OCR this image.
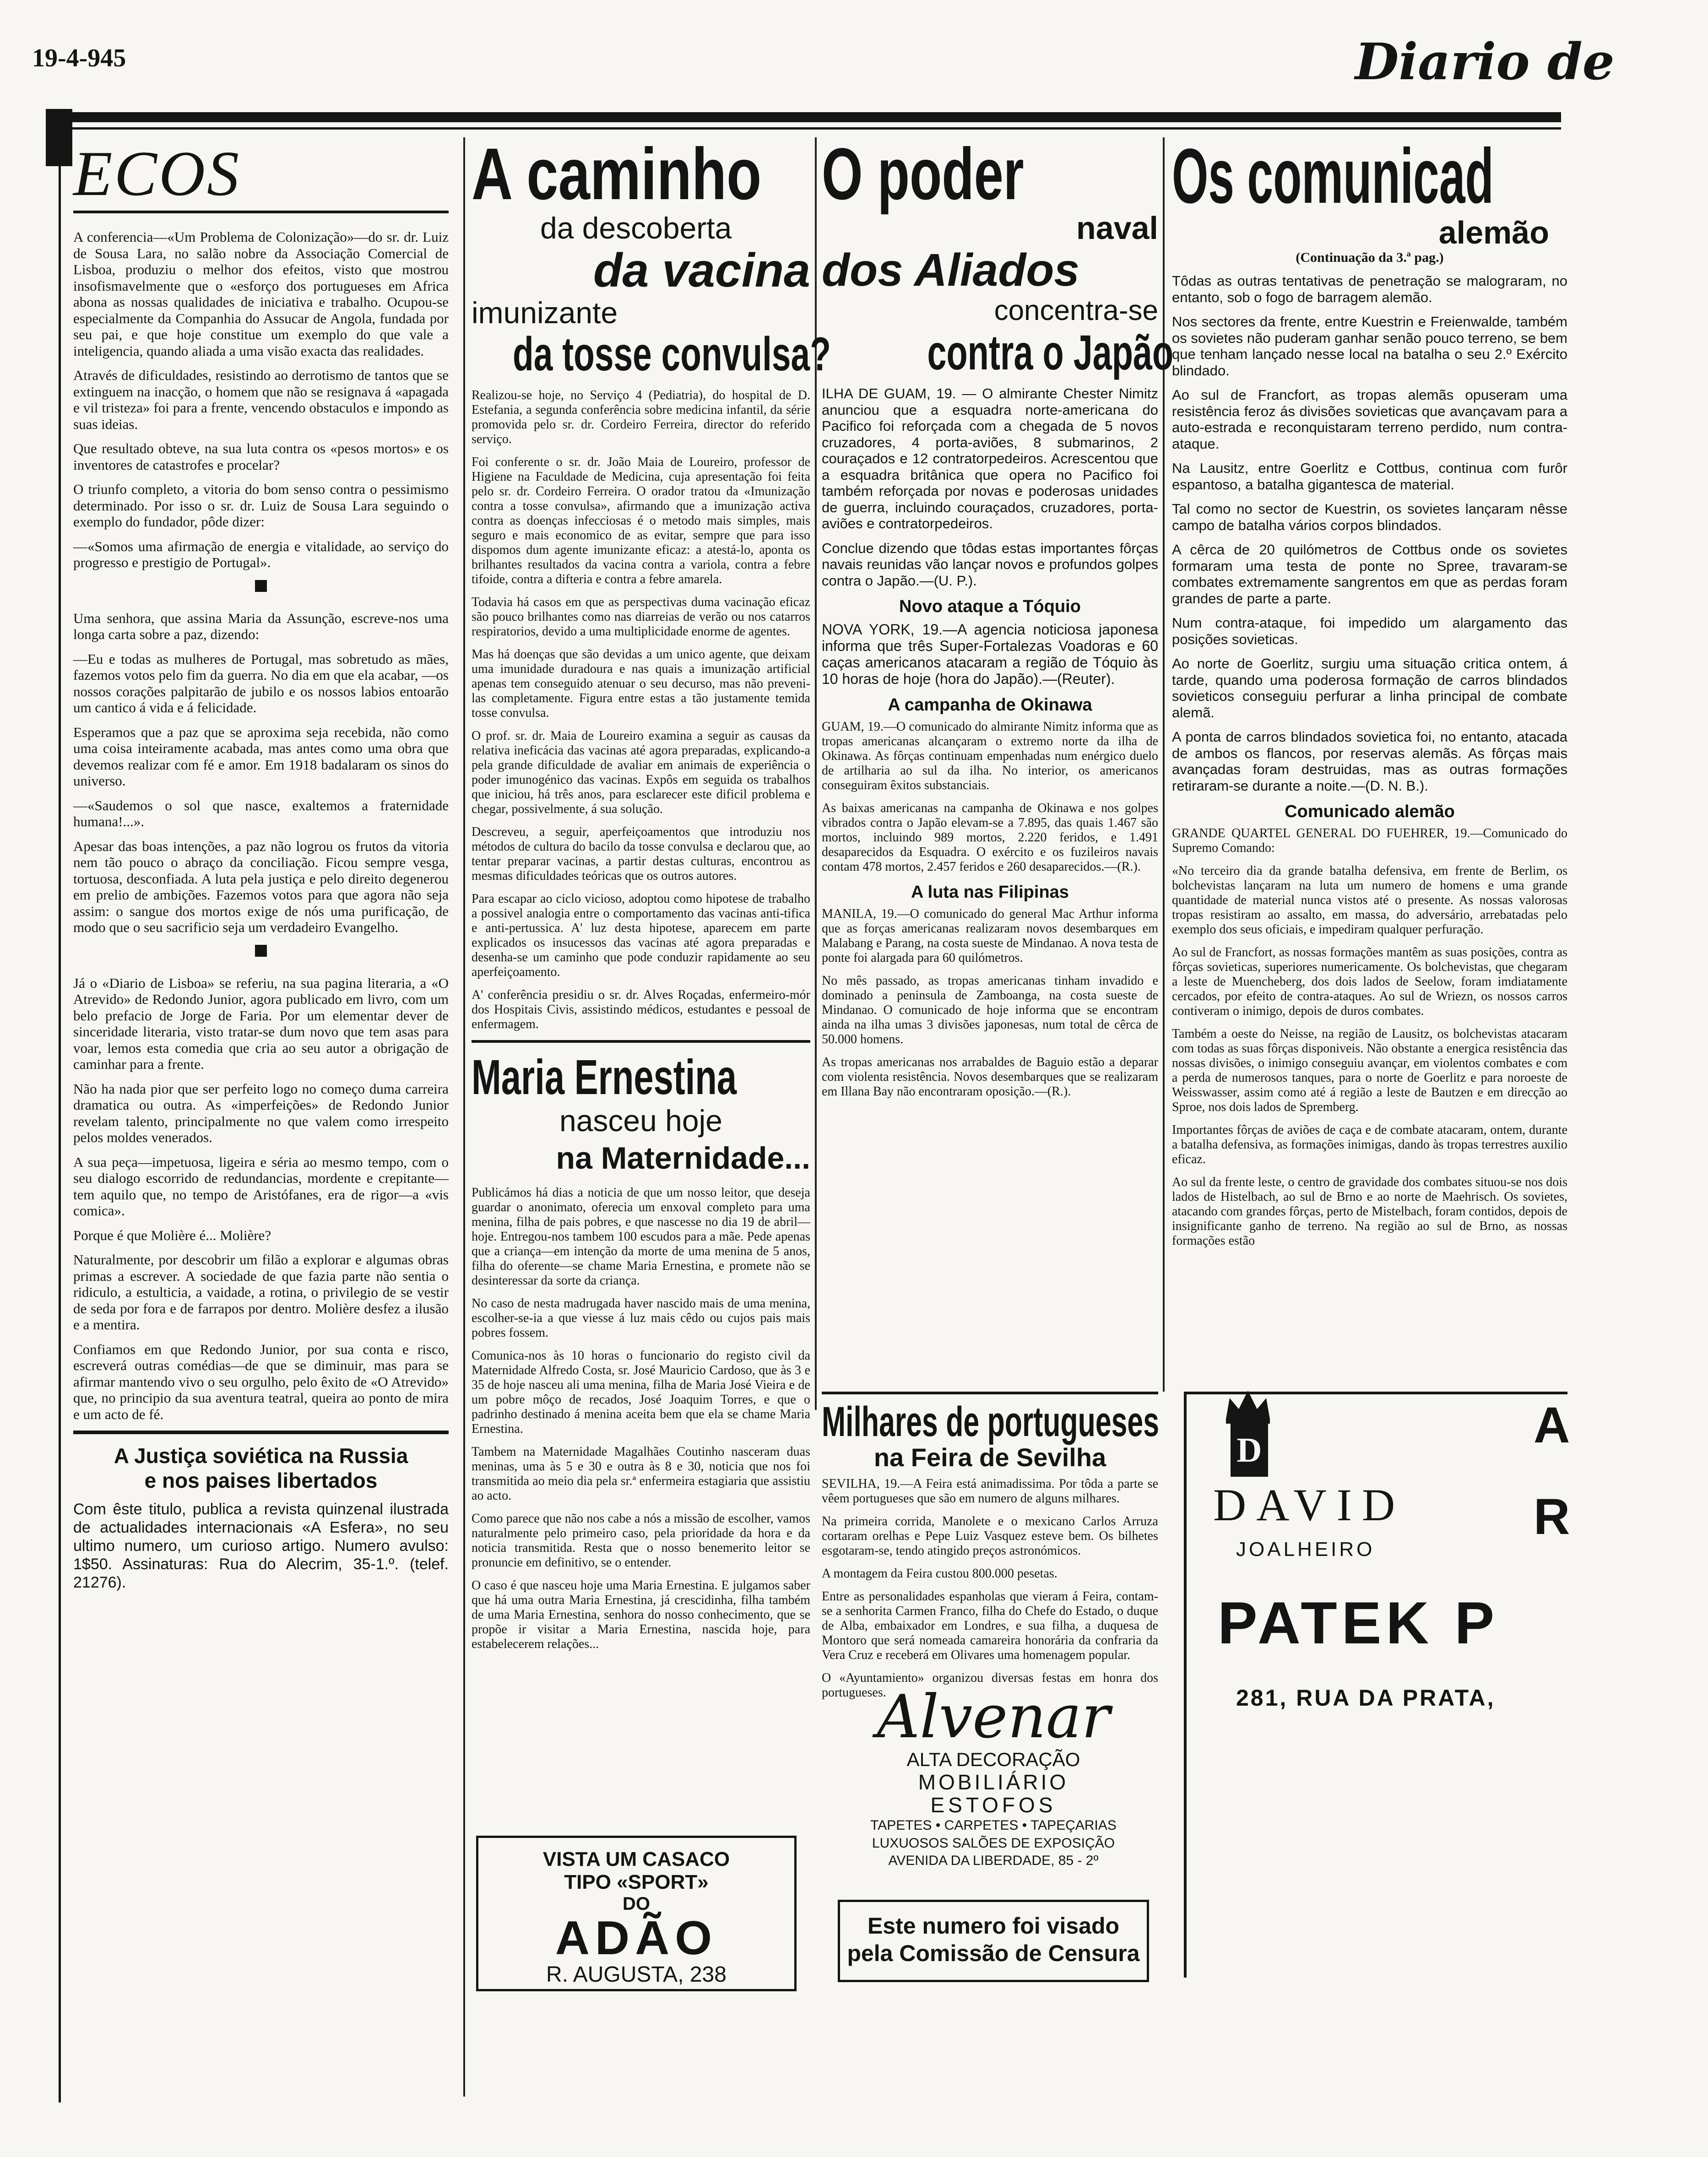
19-4-945	Diario de
ECOS

A conferencia—«Um Problema de Colonização»—do sr. dr. Luiz de Sousa Lara, no salão nobre da Associação Comercial de Lisboa, produziu o melhor dos efeitos, visto que mostrou insofismavelmente que o «esforço dos portugueses em Africa abona as nossas qualidades de iniciativa e trabalho. Ocupou-se especialmente da Companhia do Assucar de Angola, fundada por seu pai, e que hoje constitue um exemplo do que vale a inteligencia, quando aliada a uma visão exacta das realidades.

Através de dificuldades, resistindo ao derrotismo de tantos que se extinguem na inacção, o homem que não se resignava á «apagada e vil tristeza» foi para a frente, vencendo obstaculos e impondo as suas ideias.

Que resultado obteve, na sua luta contra os «pesos mortos» e os inventores de catastrofes e procelar?

O triunfo completo, a vitoria do bom senso contra o pessimismo determinado. Por isso o sr. dr. Luiz de Sousa Lara seguindo o exemplo do fundador, pôde dizer:

—«Somos uma afirmação de energia e vitalidade, ao serviço do progresso e prestigio de Portugal».

Uma senhora, que assina Maria da Assunção, escreve-nos uma longa carta sobre a paz, dizendo:

—Eu e todas as mulheres de Portugal, mas sobretudo as mães, fazemos votos pelo fim da guerra. No dia em que ela acabar, —os nossos corações palpitarão de jubilo e os nossos labios entoarão um cantico á vida e á felicidade.

Esperamos que a paz que se aproxima seja recebida, não como uma coisa inteiramente acabada, mas antes como uma obra que devemos realizar com fé e amor. Em 1918 badalaram os sinos do universo.

—«Saudemos o sol que nasce, exaltemos a fraternidade humana!...».

Apesar das boas intenções, a paz não logrou os frutos da vitoria nem tão pouco o abraço da conciliação. Ficou sempre vesga, tortuosa, desconfiada. A luta pela justiça e pelo direito degenerou em prelio de ambições. Fazemos votos para que agora não seja assim: o sangue dos mortos exige de nós uma purificação, de modo que o seu sacrificio seja um verdadeiro Evangelho.

Já o «Diario de Lisboa» se referiu, na sua pagina literaria, a «O Atrevido» de Redondo Junior, agora publicado em livro, com um belo prefacio de Jorge de Faria. Por um elementar dever de sinceridade literaria, visto tratar-se dum novo que tem asas para voar, lemos esta comedia que cria ao seu autor a obrigação de caminhar para a frente.

Não ha nada pior que ser perfeito logo no começo duma carreira dramatica ou outra. As «imperfeições» de Redondo Junior revelam talento, principalmente no que valem como irrespeito pelos moldes venerados.

A sua peça—impetuosa, ligeira e séria ao mesmo tempo, com o seu dialogo escorrido de redundancias, mordente e crepitante—tem aquilo que, no tempo de Aristófanes, era de rigor—a «vis comica».

Porque é que Molière é... Molière?

Naturalmente, por descobrir um filão a explorar e algumas obras primas a escrever. A sociedade de que fazia parte não sentia o ridiculo, a estulticia, a vaidade, a rotina, o privilegio de se vestir de seda por fora e de farrapos por dentro. Molière desfez a ilusão e a mentira.

Confiamos em que Redondo Junior, por sua conta e risco, escreverá outras comédias—de que se diminuir, mas para se afirmar mantendo vivo o seu orgulho, pelo êxito de «O Atrevido» que, no principio da sua aventura teatral, queira ao ponto de mira e um acto de fé.

A Justiça soviética na Russia
e nos paises libertados

Com êste titulo, publica a revista quinzenal ilustrada de actualidades internacionais «A Esfera», no seu ultimo numero, um curioso artigo. Numero avulso: 1$50. Assinaturas: Rua do Alecrim, 35-1.º. (telef. 21276).

A caminho
da descoberta
da vacina
imunizante
da tosse convulsa?

Realizou-se hoje, no Serviço 4 (Pediatria), do hospital de D. Estefania, a segunda conferência sobre medicina infantil, da série promovida pelo sr. dr. Cordeiro Ferreira, director do referido serviço.

Foi conferente o sr. dr. João Maia de Loureiro, professor de Higiene na Faculdade de Medicina, cuja apresentação foi feita pelo sr. dr. Cordeiro Ferreira. O orador tratou da «Imunização contra a tosse convulsa», afirmando que a imunização activa contra as doenças infecciosas é o metodo mais simples, mais seguro e mais economico de as evitar, sempre que para isso dispomos dum agente imunizante eficaz: a atestá-lo, aponta os brilhantes resultados da vacina contra a variola, contra a febre tifoide, contra a difteria e contra a febre amarela.

Todavia há casos em que as perspectivas duma vacinação eficaz são pouco brilhantes como nas diarreias de verão ou nos catarros respiratorios, devido a uma multiplicidade enorme de agentes.

Mas há doenças que são devidas a um unico agente, que deixam uma imunidade duradoura e nas quais a imunização artificial apenas tem conseguido atenuar o seu decurso, mas não preveni-las completamente. Figura entre estas a tão justamente temida tosse convulsa.

O prof. sr. dr. Maia de Loureiro examina a seguir as causas da relativa ineficácia das vacinas até agora preparadas, explicando-a pela grande dificuldade de avaliar em animais de experiência o poder imunogénico das vacinas. Expôs em seguida os trabalhos que iniciou, há três anos, para esclarecer este dificil problema e chegar, possivelmente, á sua solução.

Descreveu, a seguir, aperfeiçoamentos que introduziu nos métodos de cultura do bacilo da tosse convulsa e declarou que, ao tentar preparar vacinas, a partir destas culturas, encontrou as mesmas dificuldades teóricas que os outros autores.

Para escapar ao ciclo vicioso, adoptou como hipotese de trabalho a possivel analogia entre o comportamento das vacinas anti-tifica e anti-pertussica. A' luz desta hipotese, aparecem em parte explicados os insucessos das vacinas até agora preparadas e desenha-se um caminho que pode conduzir rapidamente ao seu aperfeiçoamento.

A' conferência presidiu o sr. dr. Alves Roçadas, enfermeiro-mór dos Hospitais Civis, assistindo médicos, estudantes e pessoal de enfermagem.

Maria Ernestina
nasceu hoje
na Maternidade...

Publicámos há dias a noticia de que um nosso leitor, que deseja guardar o anonimato, oferecia um enxoval completo para uma menina, filha de pais pobres, e que nascesse no dia 19 de abril—hoje. Entregou-nos tambem 100 escudos para a mãe. Pede apenas que a criança—em intenção da morte de uma menina de 5 anos, filha do oferente—se chame Maria Ernestina, e promete não se desinteressar da sorte da criança.

No caso de nesta madrugada haver nascido mais de uma menina, escolher-se-ia a que viesse á luz mais cêdo ou cujos pais mais pobres fossem.

Comunica-nos às 10 horas o funcionario do registo civil da Maternidade Alfredo Costa, sr. José Mauricio Cardoso, que às 3 e 35 de hoje nasceu ali uma menina, filha de Maria José Vieira e de um pobre môço de recados, José Joaquim Torres, e que o padrinho destinado á menina aceita bem que ela se chame Maria Ernestina.

Tambem na Maternidade Magalhães Coutinho nasceram duas meninas, uma às 5 e 30 e outra às 8 e 30, noticia que nos foi transmitida ao meio dia pela sr.ª enfermeira estagiaria que assistiu ao acto.

Como parece que não nos cabe a nós a missão de escolher, vamos naturalmente pelo primeiro caso, pela prioridade da hora e da noticia transmitida. Resta que o nosso benemerito leitor se pronuncie em definitivo, se o entender.

O caso é que nasceu hoje uma Maria Ernestina. E julgamos saber que há uma outra Maria Ernestina, já crescidinha, filha também de uma Maria Ernestina, senhora do nosso conhecimento, que se propõe ir visitar a Maria Ernestina, nascida hoje, para estabelecerem relações...

VISTA UM CASACO
TIPO «SPORT»
DO
ADÃO
R. AUGUSTA, 238
O poder
naval
dos Aliados
concentra-se
contra o Japão

ILHA DE GUAM, 19. — O almirante Chester Nimitz anunciou que a esquadra norte-americana do Pacifico foi reforçada com a chegada de 5 novos cruzadores, 4 porta-aviões, 8 submarinos, 2 couraçados e 12 contratorpedeiros. Acrescentou que a esquadra britânica que opera no Pacifico foi também reforçada por novas e poderosas unidades de guerra, incluindo couraçados, cruzadores, porta-aviões e contratorpedeiros.

Conclue dizendo que tôdas estas importantes fôrças navais reunidas vão lançar novos e profundos golpes contra o Japão.—(U. P.).

Novo ataque a Tóquio

NOVA YORK, 19.—A agencia noticiosa japonesa informa que três Super-Fortalezas Voadoras e 60 caças americanos atacaram a região de Tóquio às 10 horas de hoje (hora do Japão).—(Reuter).

A campanha de Okinawa

GUAM, 19.—O comunicado do almirante Nimitz informa que as tropas americanas alcançaram o extremo norte da ilha de Okinawa. As fôrças continuam empenhadas num enérgico duelo de artilharia ao sul da ilha. No interior, os americanos conseguiram êxitos substanciais.

As baixas americanas na campanha de Okinawa e nos golpes vibrados contra o Japão elevam-se a 7.895, das quais 1.467 são mortos, incluindo 989 mortos, 2.220 feridos, e 1.491 desaparecidos da Esquadra. O exército e os fuzileiros navais contam 478 mortos, 2.457 feridos e 260 desaparecidos.—(R.).

A luta nas Filipinas

MANILA, 19.—O comunicado do general Mac Arthur informa que as forças americanas realizaram novos desembarques em Malabang e Parang, na costa sueste de Mindanao. A nova testa de ponte foi alargada para 60 quilómetros.

No mês passado, as tropas americanas tinham invadido e dominado a peninsula de Zamboanga, na costa sueste de Mindanao. O comunicado de hoje informa que se encontram ainda na ilha umas 3 divisões japonesas, num total de cêrca de 50.000 homens.

As tropas americanas nos arrabaldes de Baguio estão a deparar com violenta resistência. Novos desembarques que se realizaram em Illana Bay não encontraram oposição.—(R.).

Milhares de portugueses
na Feira de Sevilha

SEVILHA, 19.—A Feira está animadissima. Por tôda a parte se vêem portugueses que são em numero de alguns milhares.

Na primeira corrida, Manolete e o mexicano Carlos Arruza cortaram orelhas e Pepe Luiz Vasquez esteve bem. Os bilhetes esgotaram-se, tendo atingido preços astronómicos.

A montagem da Feira custou 800.000 pesetas.

Entre as personalidades espanholas que vieram á Feira, contam-se a senhorita Carmen Franco, filha do Chefe do Estado, o duque de Alba, embaixador em Londres, e sua filha, a duquesa de Montoro que será nomeada camareira honorária da confraria da Vera Cruz e receberá em Olivares uma homenagem popular.

O «Ayuntamiento» organizou diversas festas em honra dos portugueses.

Alvenar
ALTA DECORAÇÃO
MOBILIÁRIO
ESTOFOS
TAPETES • CARPETES • TAPEÇARIAS
LUXUOSOS SALÕES DE EXPOSIÇÃO
AVENIDA DA LIBERDADE, 85 - 2º
Este numero foi visado
pela Comissão de Censura
Os comunicad
alemão
(Continuação da 3.ª pag.)

Tôdas as outras tentativas de penetração se malograram, no entanto, sob o fogo de barragem alemão.

Nos sectores da frente, entre Kuestrin e Freienwalde, também os sovietes não puderam ganhar senão pouco terreno, se bem que tenham lançado nesse local na batalha o seu 2.º Exército blindado.

Ao sul de Francfort, as tropas alemãs opuseram uma resistência feroz ás divisões sovieticas que avançavam para a auto-estrada e reconquistaram terreno perdido, num contra-ataque.

Na Lausitz, entre Goerlitz e Cottbus, continua com furôr espantoso, a batalha gigantesca de material.

Tal como no sector de Kuestrin, os sovietes lançaram nêsse campo de batalha vários corpos blindados.

A cêrca de 20 quilómetros de Cottbus onde os sovietes formaram uma testa de ponte no Spree, travaram-se combates extremamente sangrentos em que as perdas foram grandes de parte a parte.

Num contra-ataque, foi impedido um alargamento das posições sovieticas.

Ao norte de Goerlitz, surgiu uma situação critica ontem, á tarde, quando uma poderosa formação de carros blindados sovieticos conseguiu perfurar a linha principal de combate alemã.

A ponta de carros blindados sovietica foi, no entanto, atacada de ambos os flancos, por reservas alemãs. As fôrças mais avançadas foram destruidas, mas as outras formações retiraram-se durante a noite.—(D. N. B.).

Comunicado alemão

GRANDE QUARTEL GENERAL DO FUEHRER, 19.—Comunicado do Supremo Comando:

«No terceiro dia da grande batalha defensiva, em frente de Berlim, os bolchevistas lançaram na luta um numero de homens e uma grande quantidade de material nunca vistos até o presente. As nossas valorosas tropas resistiram ao assalto, em massa, do adversário, arrebatadas pelo exemplo dos seus oficiais, e impediram qualquer perfuração.

Ao sul de Francfort, as nossas formações mantêm as suas posições, contra as fôrças sovieticas, superiores numericamente. Os bolchevistas, que chegaram a leste de Muencheberg, dos dois lados de Seelow, foram imdiatamente cercados, por efeito de contra-ataques. Ao sul de Wriezn, os nossos carros contiveram o inimigo, depois de duros combates.

Também a oeste do Neisse, na região de Lausitz, os bolchevistas atacaram com todas as suas fôrças disponiveis. Não obstante a energica resistência das nossas divisões, o inimigo conseguiu avançar, em violentos combates e com a perda de numerosos tanques, para o norte de Goerlitz e para noroeste de Weisswasser, assim como até á região a leste de Bautzen e em direcção ao Sproe, nos dois lados de Spremberg.

Importantes fôrças de aviões de caça e de combate atacaram, ontem, durante a batalha defensiva, as formações inimigas, dando às tropas terrestres auxilio eficaz.

Ao sul da frente leste, o centro de gravidade dos combates situou-se nos dois lados de Histelbach, ao sul de Brno e ao norte de Maehrisch. Os sovietes, atacando com grandes fôrças, perto de Mistelbach, foram contidos, depois de insignificante ganho de terreno. Na região ao sul de Brno, as nossas formações estão

D
DAVID
JOALHEIRO
A
R
PATEK P
281, RUA DA PRATA,
